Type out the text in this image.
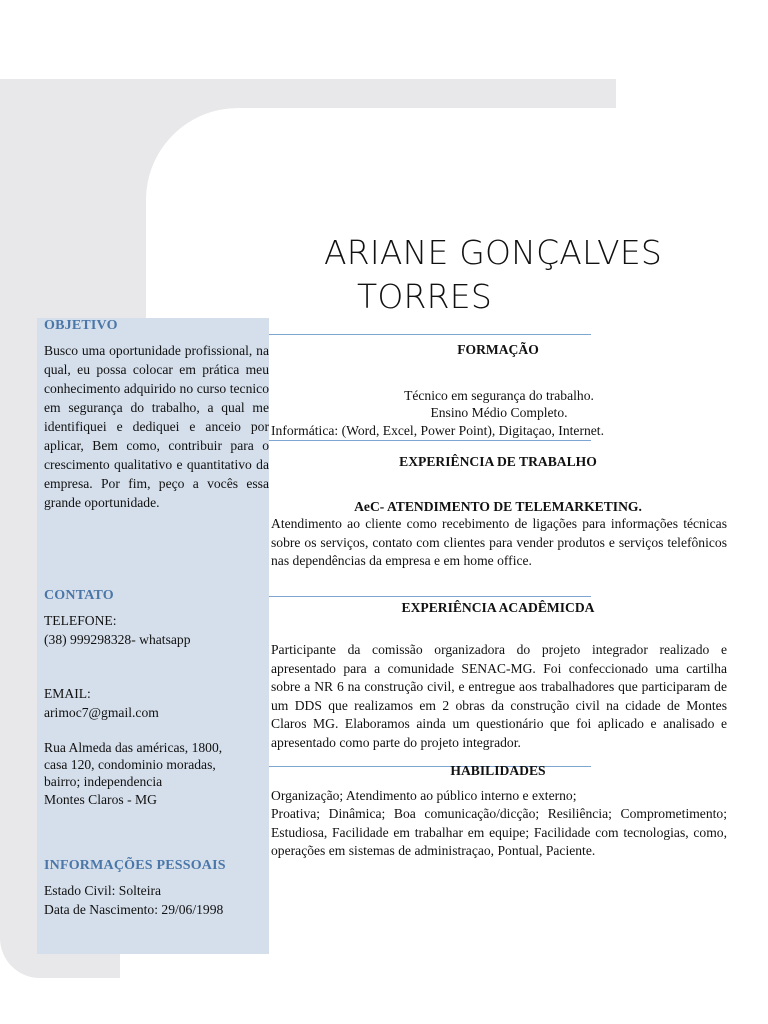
ARIANE GONÇALVES
TORRES
OBJETIVO
Busco uma oportunidade profissional, na qual, eu possa colocar em prática meu conhecimento adquirido no curso tecnico em segurança do trabalho, a qual me identifiquei e dediquei e anceio por aplicar, Bem como, contribuir para o crescimento qualitativo e quantitativo da empresa. Por fim, peço a vocês essa grande oportunidade.
CONTATO
TELEFONE:
(38) 999298328- whatsapp
EMAIL:
arimoc7@gmail.com
Rua Almeda das américas, 1800,
casa 120, condominio moradas,
bairro; independencia
Montes Claros - MG
INFORMAÇÕES PESSOAIS
Estado Civil: Solteira
Data de Nascimento: 29/06/1998
FORMAÇÃO
Técnico em segurança do trabalho.
Ensino Médio Completo.
Informática: (Word, Excel, Power Point), Digitaçao, Internet.
EXPERIÊNCIA DE TRABALHO
AeC- ATENDIMENTO DE TELEMARKETING.
Atendimento ao cliente como recebimento de ligações para informações técnicas sobre os serviços, contato com clientes para vender produtos e serviços telefônicos nas dependências da empresa e em home office.
EXPERIÊNCIA ACADÊMICDA
Participante da comissão organizadora do projeto integrador realizado e apresentado para a comunidade SENAC-MG. Foi confeccionado uma cartilha sobre a NR 6 na construção civil, e entregue aos trabalhadores que participaram de um DDS que realizamos em 2 obras da construção civil na cidade de Montes Claros MG. Elaboramos ainda um questionário que foi aplicado e analisado e apresentado como parte do projeto integrador.
HABILIDADES
Organização; Atendimento ao público interno e externo;
Proativa; Dinâmica; Boa comunicação/dicção; Resiliência; Comprometimento; Estudiosa, Facilidade em trabalhar em equipe; Facilidade com tecnologias, como, operações em sistemas de administraçao, Pontual, Paciente.
